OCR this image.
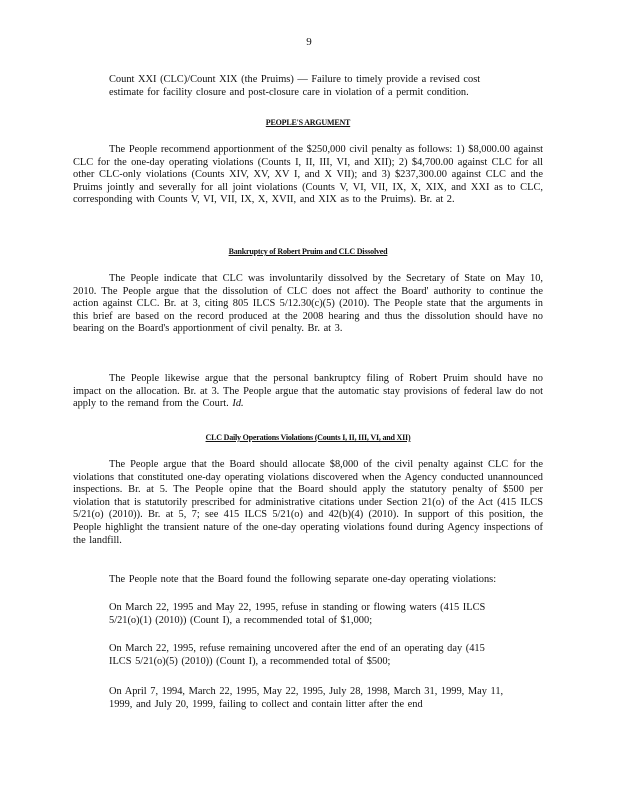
9

Count XXI (CLC)/Count XIX (the Pruims) — Failure to timely provide a revised cost

estimate for facility closure and post-closure care in violation of a permit condition.

PEOPLE'S ARGUMENT

The People recommend apportionment of the $250,000 civil penalty as follows: 1) $8,000.00 against CLC for the one-day operating violations (Counts I, II, III, VI, and XII); 2) $4,700.00 against CLC for all other CLC-only violations (Counts XIV, XV, XV I, and X VII); and 3) $237,300.00 against CLC and the Pruims jointly and severally for all joint violations (Counts V, VI, VII, IX, X, XIX, and XXI as to CLC, corresponding with Counts V, VI, VII, IX, X, XVII, and XIX as to the Pruims). Br. at 2.

Bankruptcy of Robert Pruim and CLC Dissolved

The People indicate that CLC was involuntarily dissolved by the Secretary of State on May 10, 2010. The People argue that the dissolution of CLC does not affect the Board' authority to continue the action against CLC. Br. at 3, citing 805 ILCS 5/12.30(c)(5) (2010). The People state that the arguments in this brief are based on the record produced at the 2008 hearing and thus the dissolution should have no bearing on the Board's apportionment of civil penalty. Br. at 3.

The People likewise argue that the personal bankruptcy filing of Robert Pruim should have no impact on the allocation. Br. at 3. The People argue that the automatic stay provisions of federal law do not apply to the remand from the Court. Id.

CLC Daily Operations Violations (Counts I, II, III, VI, and XII)

The People argue that the Board should allocate $8,000 of the civil penalty against CLC for the violations that constituted one-day operating violations discovered when the Agency conducted unannounced inspections. Br. at 5. The People opine that the Board should apply the statutory penalty of $500 per violation that is statutorily prescribed for administrative citations under Section 21(o) of the Act (415 ILCS 5/21(o) (2010)). Br. at 5, 7; see 415 ILCS 5/21(o) and 42(b)(4) (2010). In support of this position, the People highlight the transient nature of the one-day operating violations found during Agency inspections of the landfill.

The People note that the Board found the following separate one-day operating violations:

On March 22, 1995 and May 22, 1995, refuse in standing or flowing waters (415 ILCS 5/21(o)(1) (2010)) (Count I), a recommended total of $1,000;

On March 22, 1995, refuse remaining uncovered after the end of an operating day (415 ILCS 5/21(o)(5) (2010)) (Count I), a recommended total of $500;

On April 7, 1994, March 22, 1995, May 22, 1995, July 28, 1998, March 31, 1999, May 11, 1999, and July 20, 1999, failing to collect and contain litter after the end
